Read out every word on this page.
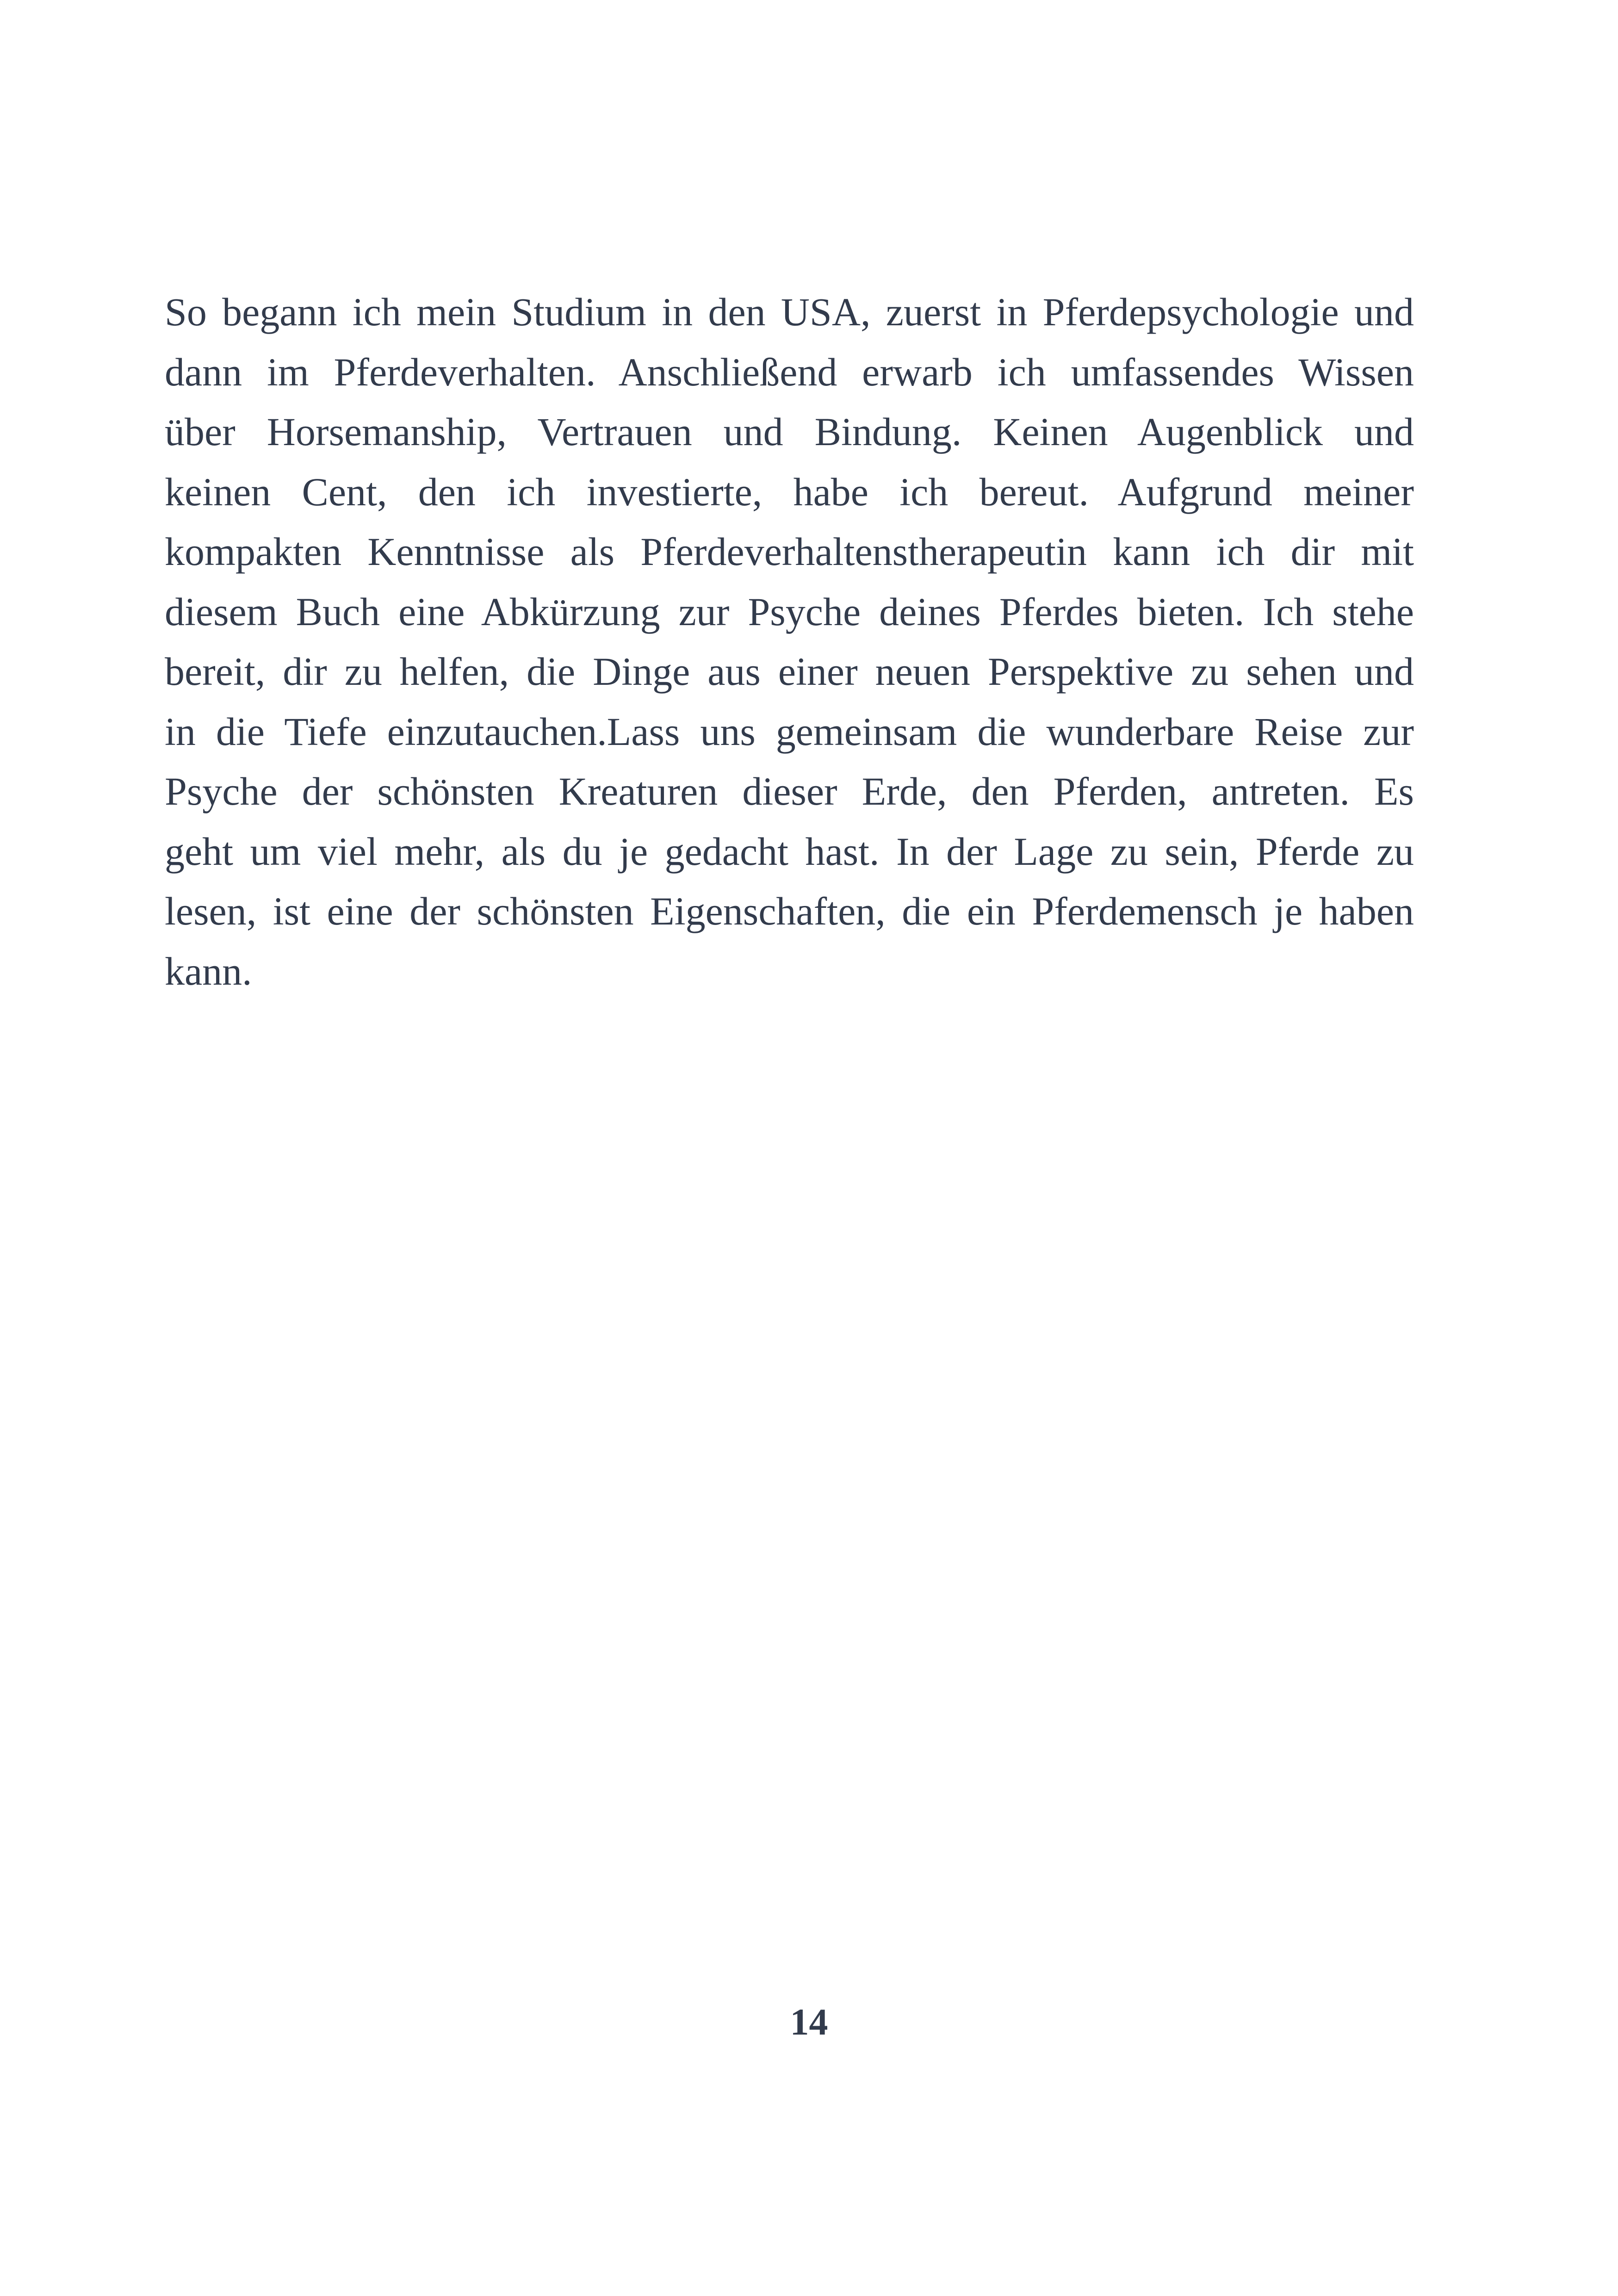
So begann ich mein Studium in den USA, zuerst in Pferdepsychologie und
dann im Pferdeverhalten. Anschließend erwarb ich umfassendes Wissen
über Horsemanship, Vertrauen und Bindung. Keinen Augenblick und
keinen Cent, den ich investierte, habe ich bereut. Aufgrund meiner
kompakten Kenntnisse als Pferdeverhaltenstherapeutin kann ich dir mit
diesem Buch eine Abkürzung zur Psyche deines Pferdes bieten. Ich stehe
bereit, dir zu helfen, die Dinge aus einer neuen Perspektive zu sehen und
in die Tiefe einzutauchen.Lass uns gemeinsam die wunderbare Reise zur
Psyche der schönsten Kreaturen dieser Erde, den Pferden, antreten. Es
geht um viel mehr, als du je gedacht hast. In der Lage zu sein, Pferde zu
lesen, ist eine der schönsten Eigenschaften, die ein Pferdemensch je haben
kann.
14
